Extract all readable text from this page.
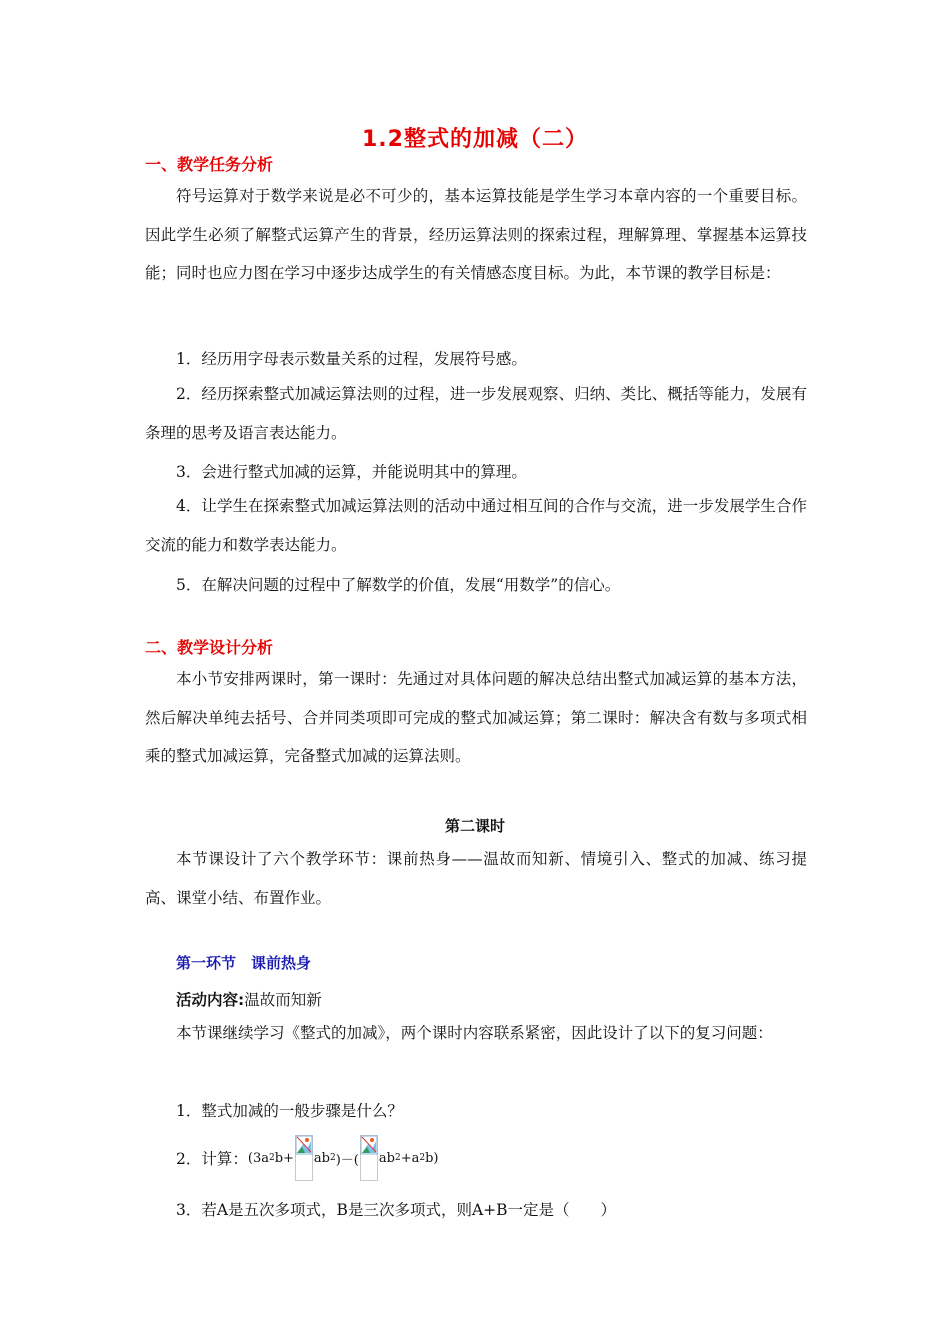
1.2整式的加减（二）
一、教学任务分析

符号运算对于数学来说是必不可少的，基本运算技能是学生学习本章内容的一个重要目标。因此学生必须了解整式运算产生的背景，经历运算法则的探索过程，理解算理、掌握基本运算技能；同时也应力图在学习中逐步达成学生的有关情感态度目标。为此，本节课的教学目标是：

1．经历用字母表示数量关系的过程，发展符号感。

2．经历探索整式加减运算法则的过程，进一步发展观察、归纳、类比、概括等能力，发展有条理的思考及语言表达能力。

3．会进行整式加减的运算，并能说明其中的算理。

4．让学生在探索整式加减运算法则的活动中通过相互间的合作与交流，进一步发展学生合作交流的能力和数学表达能力。

5．在解决问题的过程中了解数学的价值，发展“用数学”的信心。
二、教学设计分析

本小节安排两课时，第一课时：先通过对具体问题的解决总结出整式加减运算的基本方法，然后解决单纯去括号、合并同类项即可完成的整式加减运算；第二课时：解决含有数与多项式相乘的整式加减运算，完备整式加减的运算法则。

第二课时

本节课设计了六个教学环节：课前热身——温故而知新、情境引入、整式的加减、练习提高、课堂小结、布置作业。

第一环节　课前热身
活动内容:温故而知新

本节课继续学习《整式的加减》，两个课时内容联系紧密，因此设计了以下的复习问题：

1．整式加减的一般步骤是什么？
2．计算： (3a 2 b+ ab 2 )－( ab 2 +a 2 b)
3．若A是五次多项式，B是三次多项式，则A+B一定是（　　）
